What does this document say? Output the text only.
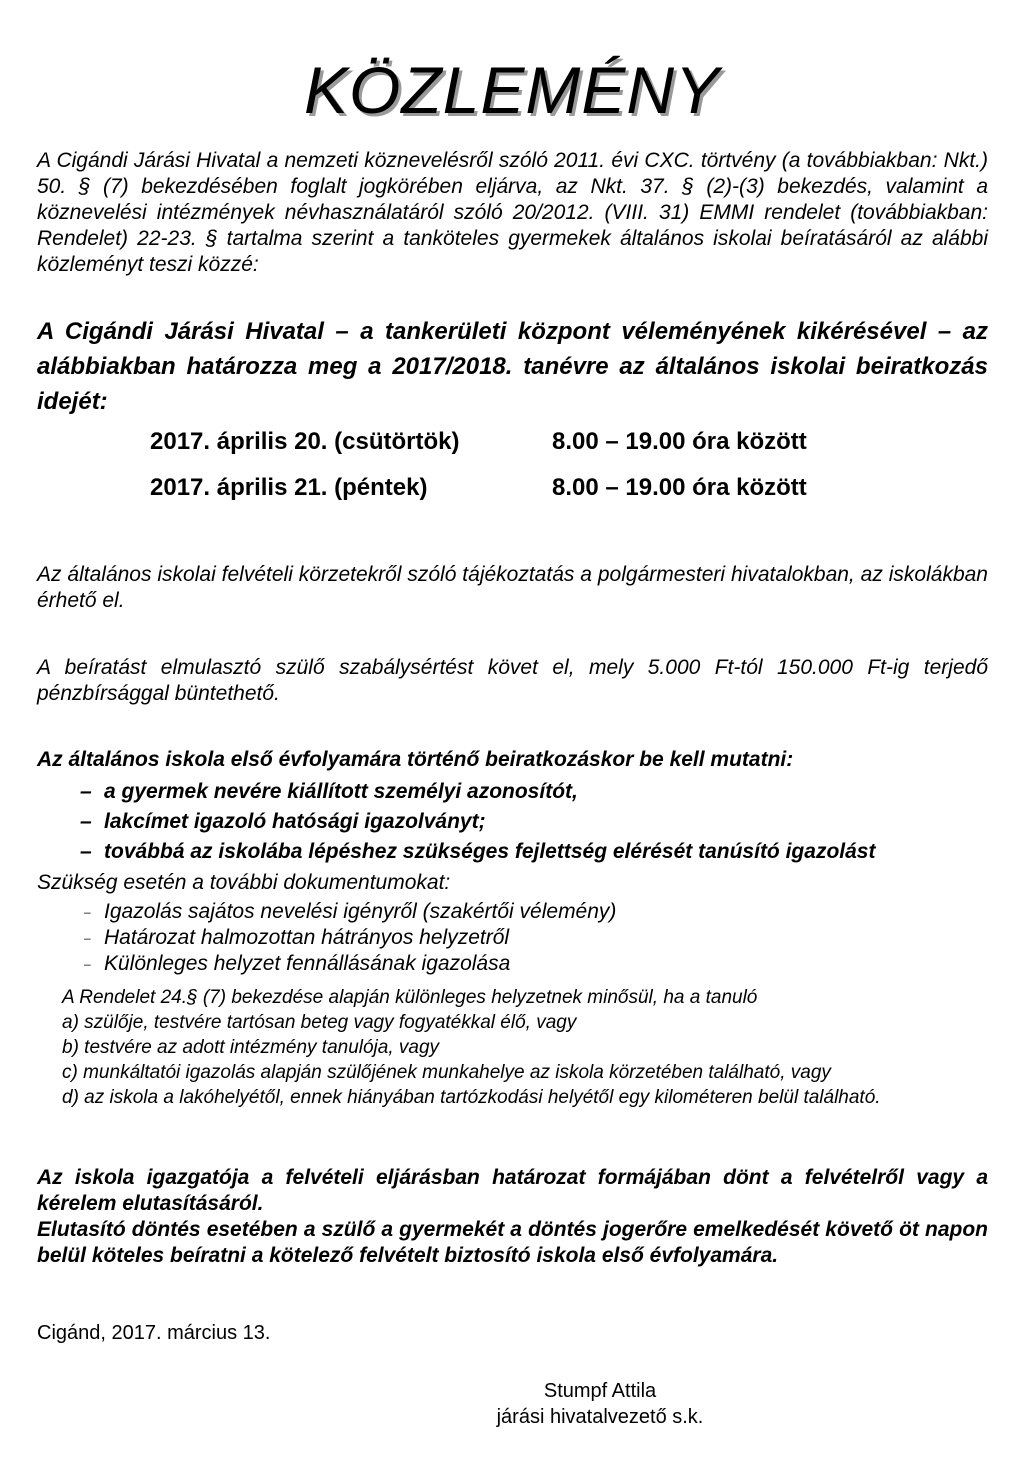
KÖZLEMÉNY
A Cigándi Járási Hivatal a nemzeti köznevelésről szóló 2011. évi CXC. törtvény (a továbbiakban: Nkt.) 50. § (7) bekezdésében foglalt jogkörében eljárva, az Nkt. 37. § (2)-(3) bekezdés, valamint a köznevelési intézmények névhasználatáról szóló 20/2012. (VIII. 31) EMMI rendelet (továbbiakban: Rendelet) 22-23. § tartalma szerint a tanköteles gyermekek általános iskolai beíratásáról az alábbi közleményt teszi közzé:
A Cigándi Járási Hivatal – a tankerületi központ véleményének kikérésével – az alábbiakban határozza meg a 2017/2018. tanévre az általános iskolai beiratkozás idejét:
2017. április 20. (csütörtök)	8.00 – 19.00 óra között
2017. április 21. (péntek)	8.00 – 19.00 óra között
Az általános iskolai felvételi körzetekről szóló tájékoztatás a polgármesteri hivatalokban, az iskolákban érhető el.
A beíratást elmulasztó szülő szabálysértést követ el, mely 5.000 Ft-tól 150.000 Ft-ig terjedő pénzbírsággal büntethető.
Az általános iskola első évfolyamára történő beiratkozáskor be kell mutatni:
– a gyermek nevére kiállított személyi azonosítót,
– lakcímet igazoló hatósági igazolványt;
– továbbá az iskolába lépéshez szükséges fejlettség elérését tanúsító igazolást
Szükség esetén a további dokumentumokat:
– Igazolás sajátos nevelési igényről (szakértői vélemény)
– Határozat halmozottan hátrányos helyzetről
– Különleges helyzet fennállásának igazolása
A Rendelet 24.§ (7) bekezdése alapján különleges helyzetnek minősül, ha a tanuló
a) szülője, testvére tartósan beteg vagy fogyatékkal élő, vagy
b) testvére az adott intézmény tanulója, vagy
c) munkáltatói igazolás alapján szülőjének munkahelye az iskola körzetében található, vagy
d) az iskola a lakóhelyétől, ennek hiányában tartózkodási helyétől egy kilométeren belül található.
Az iskola igazgatója a felvételi eljárásban határozat formájában dönt a felvételről vagy a kérelem elutasításáról.
Elutasító döntés esetében a szülő a gyermekét a döntés jogerőre emelkedését követő öt napon belül köteles beíratni a kötelező felvételt biztosító iskola első évfolyamára.
Cigánd, 2017. március 13.
Stumpf Attila
járási hivatalvezető s.k.
